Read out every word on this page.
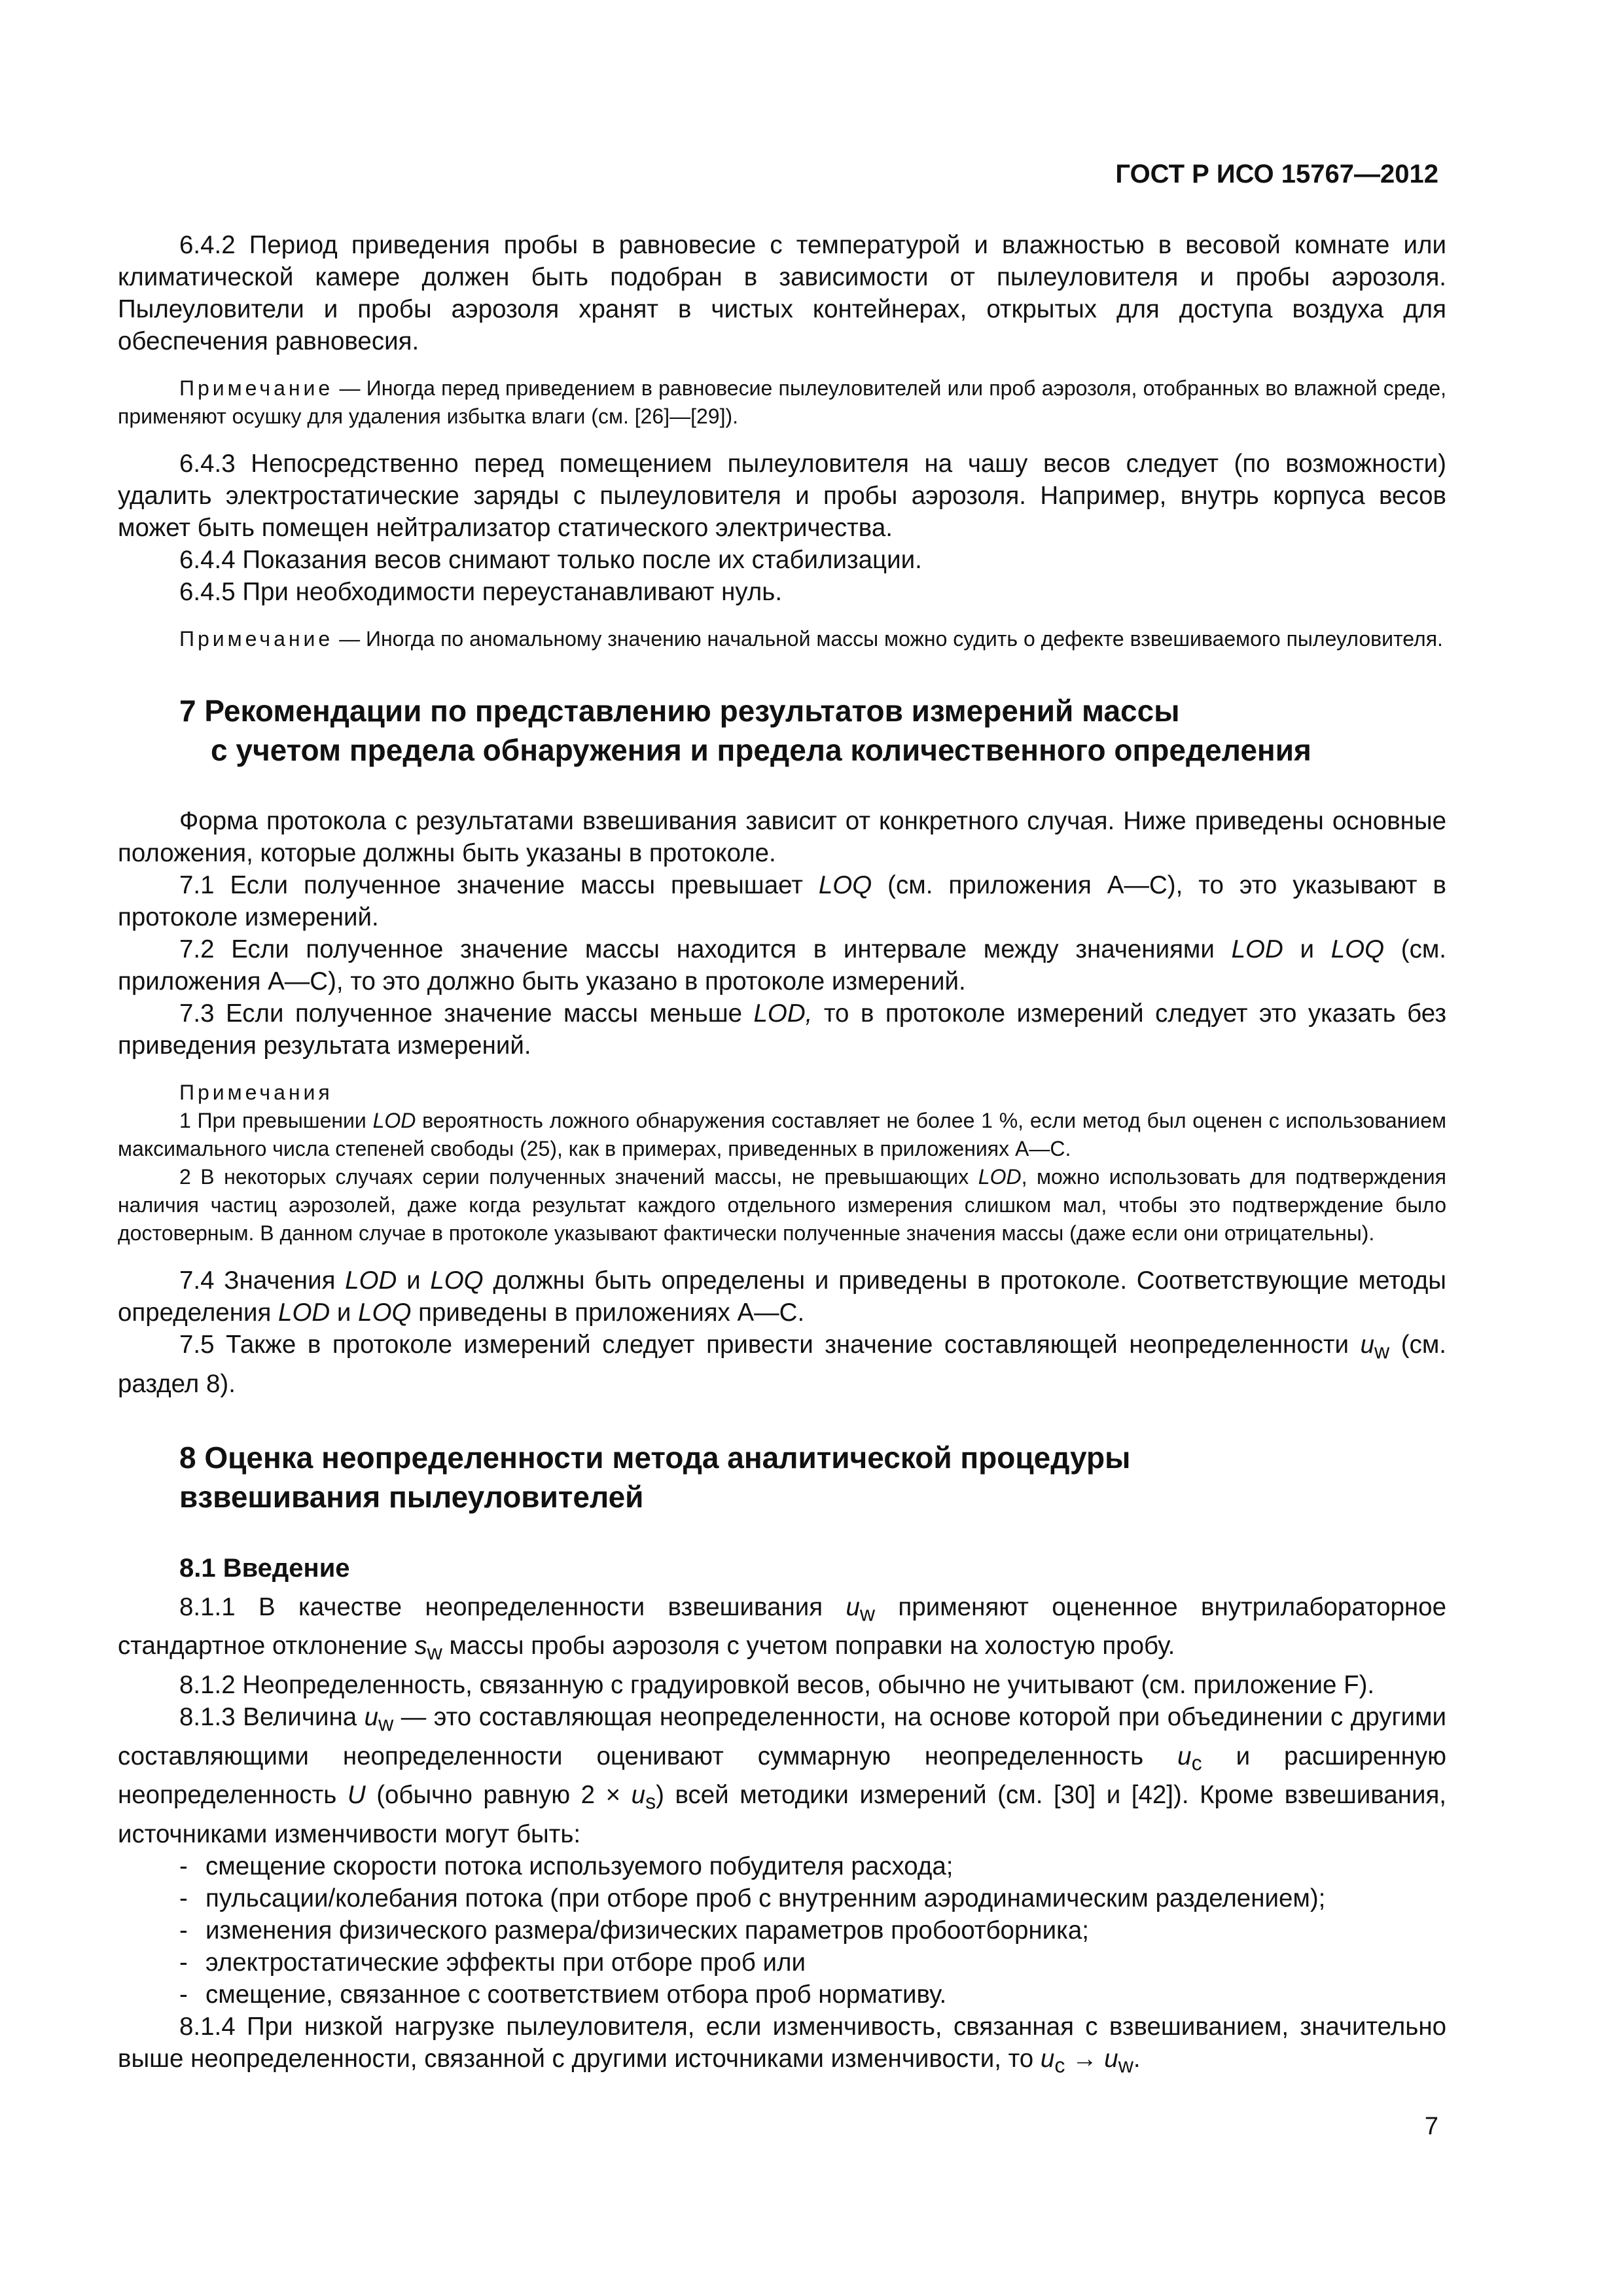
ГОСТ Р ИСО 15767—2012

6.4.2 Период приведения пробы в равновесие с температурой и влажностью в весовой комнате или климатической камере должен быть подобран в зависимости от пылеуловителя и пробы аэрозоля. Пылеуловители и пробы аэрозоля хранят в чистых контейнерах, открытых для доступа воздуха для обеспечения равновесия.

Примечание — Иногда перед приведением в равновесие пылеуловителей или проб аэрозоля, отобранных во влажной среде, применяют осушку для удаления избытка влаги (см. [26]—[29]).

6.4.3 Непосредственно перед помещением пылеуловителя на чашу весов следует (по возможности) удалить электростатические заряды с пылеуловителя и пробы аэрозоля. Например, внутрь корпуса весов может быть помещен нейтрализатор статического электричества.

6.4.4 Показания весов снимают только после их стабилизации.

6.4.5 При необходимости переустанавливают нуль.

Примечание — Иногда по аномальному значению начальной массы можно судить о дефекте взвешиваемого пылеуловителя.

7 Рекомендации по представлению результатов измерений массы
с учетом предела обнаружения и предела количественного определения

Форма протокола с результатами взвешивания зависит от конкретного случая. Ниже приведены основные положения, которые должны быть указаны в протоколе.

7.1 Если полученное значение массы превышает LOQ (см. приложения А—С), то это указывают в протоколе измерений.

7.2 Если полученное значение массы находится в интервале между значениями LOD и LOQ (см. приложения А—С), то это должно быть указано в протоколе измерений.

7.3 Если полученное значение массы меньше LOD, то в протоколе измерений следует это указать без приведения результата измерений.

Примечания

1 При превышении LOD вероятность ложного обнаружения составляет не более 1 %, если метод был оценен с использованием максимального числа степеней свободы (25), как в примерах, приведенных в приложениях А—С.

2 В некоторых случаях серии полученных значений массы, не превышающих LOD, можно использовать для подтверждения наличия частиц аэрозолей, даже когда результат каждого отдельного измерения слишком мал, чтобы это подтверждение было достоверным. В данном случае в протоколе указывают фактически полученные значения массы (даже если они отрицательны).

7.4 Значения LOD и LOQ должны быть определены и приведены в протоколе. Соответствующие методы определения LOD и LOQ приведены в приложениях А—С.

7.5 Также в протоколе измерений следует привести значение составляющей неопределенности $u_w$ (см. раздел 8).

8 Оценка неопределенности метода аналитической процедуры
взвешивания пылеуловителей
8.1 Введение

8.1.1 В качестве неопределенности взвешивания $u_w$ применяют оцененное внутрилабораторное стандартное отклонение $s_w$ массы пробы аэрозоля с учетом поправки на холостую пробу.

8.1.2 Неопределенность, связанную с градуировкой весов, обычно не учитывают (см. приложение F).

8.1.3 Величина $u_w$ — это составляющая неопределенности, на основе которой при объединении с другими составляющими неопределенности оценивают суммарную неопределенность $u_c$ и расширенную неопределенность U (обычно равную $2 \times u_s$) всей методики измерений (см. [30] и [42]). Кроме взвешивания, источниками изменчивости могут быть:

- смещение скорости потока используемого побудителя расхода;
- пульсации/колебания потока (при отборе проб с внутренним аэродинамическим разделением);
- изменения физического размера/физических параметров пробоотборника;
- электростатические эффекты при отборе проб или
- смещение, связанное с соответствием отбора проб нормативу.

8.1.4 При низкой нагрузке пылеуловителя, если изменчивость, связанная с взвешиванием, значительно выше неопределенности, связанной с другими источниками изменчивости, то $u_c \to u_w$.

7
